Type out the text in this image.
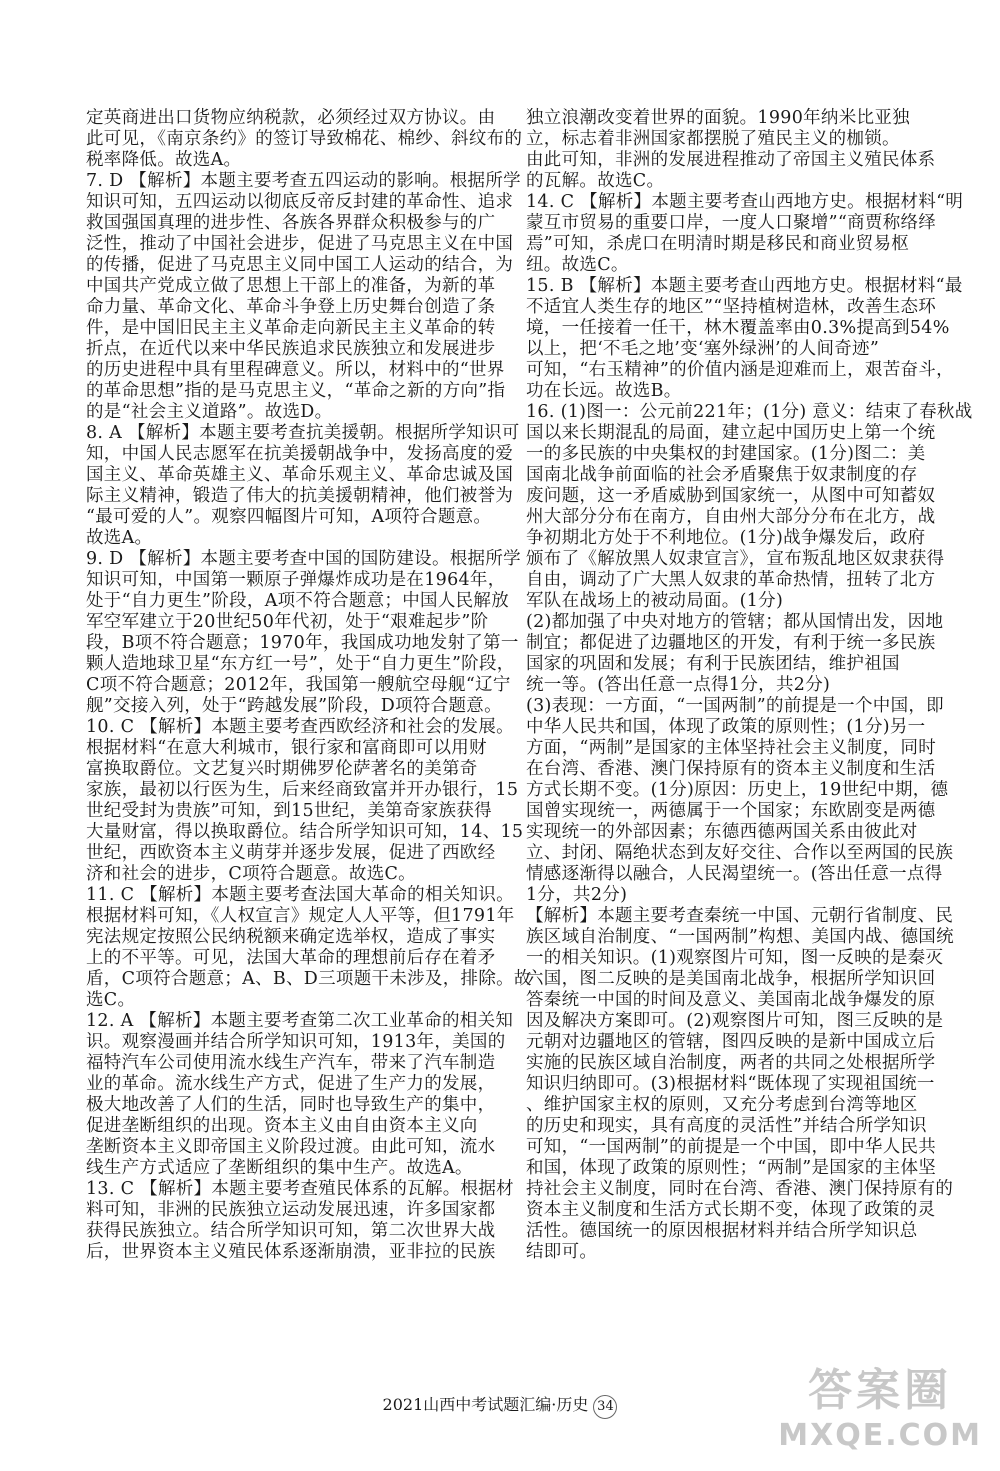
定英商进出口货物应纳税款，必须经过双方协议。由
此可见，《南京条约》的签订导致棉花、棉纱、斜纹布的
税率降低。故选A。
7. D 【解析】本题主要考查五四运动的影响。根据所学
知识可知，五四运动以彻底反帝反封建的革命性、追求
救国强国真理的进步性、各族各界群众积极参与的广
泛性，推动了中国社会进步，促进了马克思主义在中国
的传播，促进了马克思主义同中国工人运动的结合，为
中国共产党成立做了思想上干部上的准备，为新的革
命力量、革命文化、革命斗争登上历史舞台创造了条
件，是中国旧民主主义革命走向新民主主义革命的转
折点，在近代以来中华民族追求民族独立和发展进步
的历史进程中具有里程碑意义。所以，材料中的“世界
的革命思想”指的是马克思主义，“革命之新的方向”指
的是“社会主义道路”。故选D。
8. A 【解析】本题主要考查抗美援朝。根据所学知识可
知，中国人民志愿军在抗美援朝战争中，发扬高度的爱
国主义、革命英雄主义、革命乐观主义、革命忠诚及国
际主义精神，锻造了伟大的抗美援朝精神，他们被誉为
“最可爱的人”。观察四幅图片可知，A项符合题意。
故选A。
9. D 【解析】本题主要考查中国的国防建设。根据所学
知识可知，中国第一颗原子弹爆炸成功是在1964年，
处于“自力更生”阶段，A项不符合题意；中国人民解放
军空军建立于20世纪50年代初，处于“艰难起步”阶
段，B项不符合题意；1970年，我国成功地发射了第一
颗人造地球卫星“东方红一号”，处于“自力更生”阶段，
C项不符合题意；2012年，我国第一艘航空母舰“辽宁
舰”交接入列，处于“跨越发展”阶段，D项符合题意。
10. C 【解析】本题主要考查西欧经济和社会的发展。
根据材料“在意大利城市，银行家和富商即可以用财
富换取爵位。文艺复兴时期佛罗伦萨著名的美第奇
家族，最初以行医为生，后来经商致富并开办银行，15
世纪受封为贵族”可知，到15世纪，美第奇家族获得
大量财富，得以换取爵位。结合所学知识可知，14、15
世纪，西欧资本主义萌芽并逐步发展，促进了西欧经
济和社会的进步，C项符合题意。故选C。
11. C 【解析】本题主要考查法国大革命的相关知识。
根据材料可知，《人权宣言》规定人人平等，但1791年
宪法规定按照公民纳税额来确定选举权，造成了事实
上的不平等。可见，法国大革命的理想前后存在着矛
盾，C项符合题意；A、B、D三项题干未涉及，排除。故
选C。
12. A 【解析】本题主要考查第二次工业革命的相关知
识。观察漫画并结合所学知识可知，1913年，美国的
福特汽车公司使用流水线生产汽车，带来了汽车制造
业的革命。流水线生产方式，促进了生产力的发展，
极大地改善了人们的生活，同时也导致生产的集中，
促进垄断组织的出现。资本主义由自由资本主义向
垄断资本主义即帝国主义阶段过渡。由此可知，流水
线生产方式适应了垄断组织的集中生产。故选A。
13. C 【解析】本题主要考查殖民体系的瓦解。根据材
料可知，非洲的民族独立运动发展迅速，许多国家都
获得民族独立。结合所学知识可知，第二次世界大战
后，世界资本主义殖民体系逐渐崩溃，亚非拉的民族
独立浪潮改变着世界的面貌。1990年纳米比亚独
立，标志着非洲国家都摆脱了殖民主义的枷锁。
由此可知，非洲的发展进程推动了帝国主义殖民体系
的瓦解。故选C。
14. C 【解析】本题主要考查山西地方史。根据材料“明
蒙互市贸易的重要口岸，一度人口聚增”“商贾称络绎
焉”可知，杀虎口在明清时期是移民和商业贸易枢
纽。故选C。
15. B 【解析】本题主要考查山西地方史。根据材料“最
不适宜人类生存的地区”“坚持植树造林，改善生态环
境，一任接着一任干，林木覆盖率由0.3%提高到54%
以上，把‘不毛之地’变‘塞外绿洲’的人间奇迹”
可知，“右玉精神”的价值内涵是迎难而上，艰苦奋斗，
功在长远。故选B。
16. (1)图一：公元前221年；(1分) 意义：结束了春秋战
国以来长期混乱的局面，建立起中国历史上第一个统
一的多民族的中央集权的封建国家。(1分)图二：美
国南北战争前面临的社会矛盾聚焦于奴隶制度的存
废问题，这一矛盾威胁到国家统一，从图中可知蓄奴
州大部分分布在南方，自由州大部分分布在北方，战
争初期北方处于不利地位。(1分)战争爆发后，政府
颁布了《解放黑人奴隶宣言》，宣布叛乱地区奴隶获得
自由，调动了广大黑人奴隶的革命热情，扭转了北方
军队在战场上的被动局面。(1分)
(2)都加强了中央对地方的管辖；都从国情出发，因地
制宜；都促进了边疆地区的开发，有利于统一多民族
国家的巩固和发展；有利于民族团结，维护祖国
统一等。(答出任意一点得1分，共2分)
(3)表现：一方面，“一国两制”的前提是一个中国，即
中华人民共和国，体现了政策的原则性；(1分)另一
方面，“两制”是国家的主体坚持社会主义制度，同时
在台湾、香港、澳门保持原有的资本主义制度和生活
方式长期不变。(1分)原因：历史上，19世纪中期，德
国曾实现统一，两德属于一个国家；东欧剧变是两德
实现统一的外部因素；东德西德两国关系由彼此对
立、封闭、隔绝状态到友好交往、合作以至两国的民族
情感逐渐得以融合，人民渴望统一。(答出任意一点得
1分，共2分)
【解析】本题主要考查秦统一中国、元朝行省制度、民
族区域自治制度、“一国两制”构想、美国内战、德国统
一的相关知识。(1)观察图片可知，图一反映的是秦灭
六国，图二反映的是美国南北战争，根据所学知识回
答秦统一中国的时间及意义、美国南北战争爆发的原
因及解决方案即可。(2)观察图片可知，图三反映的是
元朝对边疆地区的管辖，图四反映的是新中国成立后
实施的民族区域自治制度，两者的共同之处根据所学
知识归纳即可。(3)根据材料“既体现了实现祖国统一
、维护国家主权的原则，又充分考虑到台湾等地区
的历史和现实，具有高度的灵活性”并结合所学知识
可知，“一国两制”的前提是一个中国，即中华人民共
和国，体现了政策的原则性；“两制”是国家的主体坚
持社会主义制度，同时在台湾、香港、澳门保持原有的
资本主义制度和生活方式长期不变，体现了政策的灵
活性。德国统一的原因根据材料并结合所学知识总
结即可。
2021山西中考试题汇编·历史 34	答案圈
MXQE.COM
